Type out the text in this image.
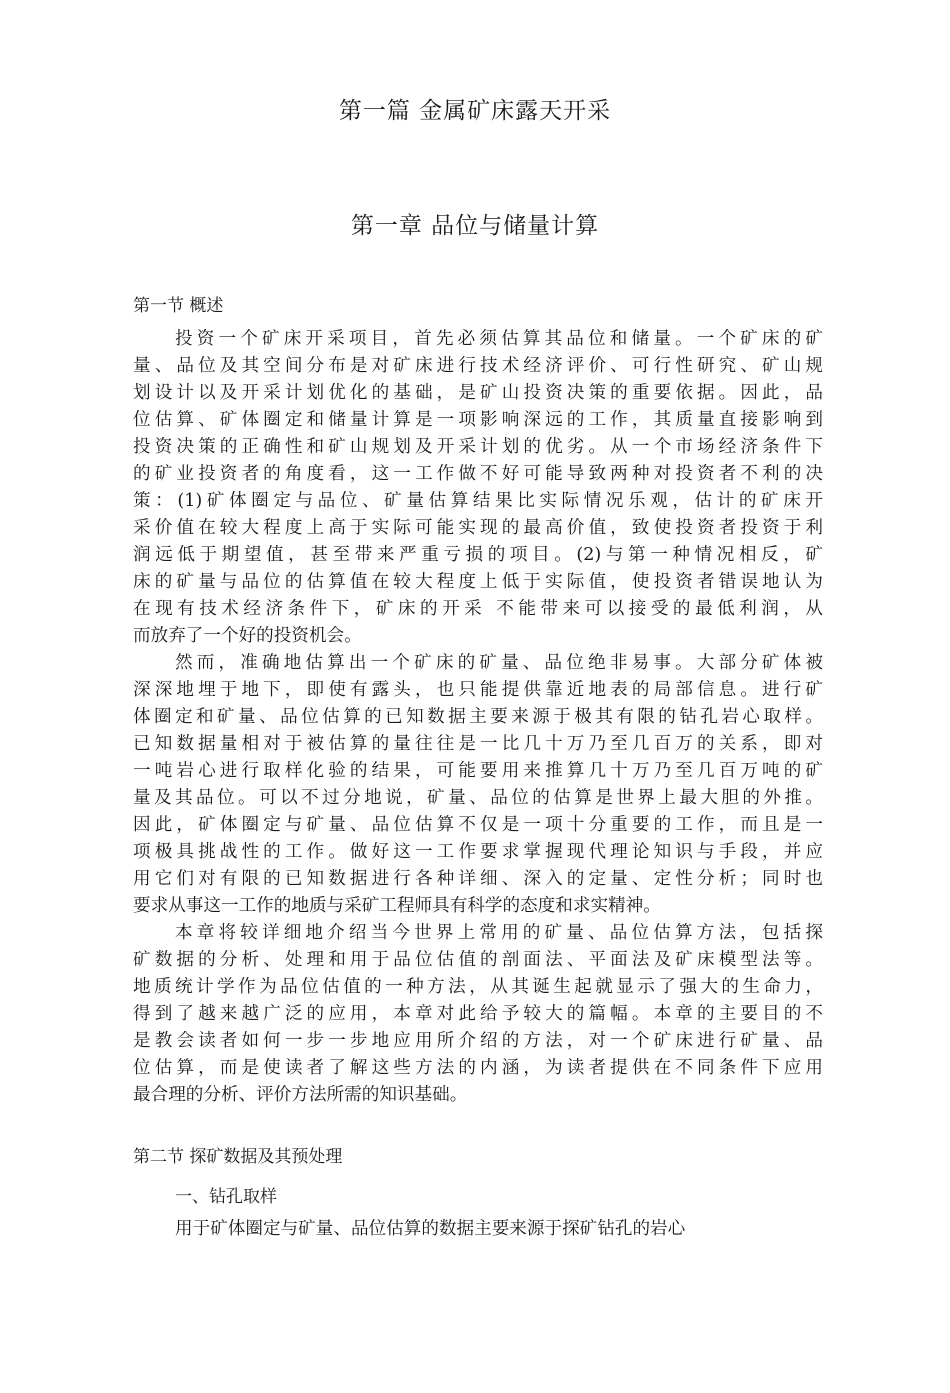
第一篇 金属矿床露天开采
第一章 品位与储量计算
第一节 概述
投资一个矿床开采项目，首先必须估算其品位和储量。一个矿床的矿
量、品位及其空间分布是对矿床进行技术经济评价、可行性研究、矿山规
划设计以及开采计划优化的基础，是矿山投资决策的重要依据。因此，品
位估算、矿体圈定和储量计算是一项影响深远的工作，其质量直接影响到
投资决策的正确性和矿山规划及开采计划的优劣。从一个市场经济条件下
的矿业投资者的角度看，这一工作做不好可能导致两种对投资者不利的决
策：(1)矿体圈定与品位、矿量估算结果比实际情况乐观，估计的矿床开
采价值在较大程度上高于实际可能实现的最高价值，致使投资者投资于利
润远低于期望值，甚至带来严重亏损的项目。(2)与第一种情况相反，矿
床的矿量与品位的估算值在较大程度上低于实际值，使投资者错误地认为
在现有技术经济条件下，矿床的开采 不能带来可以接受的最低利润，从
而放弃了一个好的投资机会。
然而，准确地估算出一个矿床的矿量、品位绝非易事。大部分矿体被
深深地埋于地下，即使有露头，也只能提供靠近地表的局部信息。进行矿
体圈定和矿量、品位估算的已知数据主要来源于极其有限的钻孔岩心取样。
已知数据量相对于被估算的量往往是一比几十万乃至几百万的关系，即对
一吨岩心进行取样化验的结果，可能要用来推算几十万乃至几百万吨的矿
量及其品位。可以不过分地说，矿量、品位的估算是世界上最大胆的外推。
因此，矿体圈定与矿量、品位估算不仅是一项十分重要的工作，而且是一
项极具挑战性的工作。做好这一工作要求掌握现代理论知识与手段，并应
用它们对有限的已知数据进行各种详细、深入的定量、定性分析；同时也
要求从事这一工作的地质与采矿工程师具有科学的态度和求实精神。
本章将较详细地介绍当今世界上常用的矿量、品位估算方法，包括探
矿数据的分析、处理和用于品位估值的剖面法、平面法及矿床模型法等。
地质统计学作为品位估值的一种方法，从其诞生起就显示了强大的生命力，
得到了越来越广泛的应用，本章对此给予较大的篇幅。本章的主要目的不
是教会读者如何一步一步地应用所介绍的方法，对一个矿床进行矿量、品
位估算，而是使读者了解这些方法的内涵，为读者提供在不同条件下应用
最合理的分析、评价方法所需的知识基础。
第二节 探矿数据及其预处理
一、钻孔取样
用于矿体圈定与矿量、品位估算的数据主要来源于探矿钻孔的岩心
